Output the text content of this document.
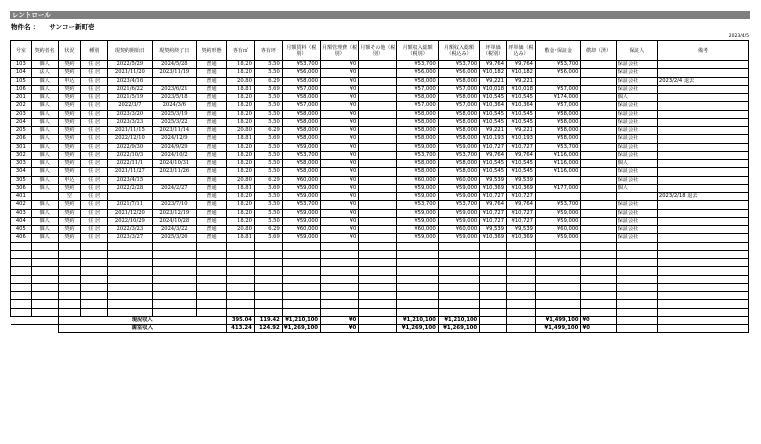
レントロール
物件名 ： サンコー新町壱
2023/4/5
号室	契約者名	状況	種別	現契約開始日	現契約終了日	契約形態	専有㎡	専有坪	月額賃料（税別）	月額管理費（税別）	月額その他（税別）	月額収入総額（税別）	月額収入総額（税込み）	坪単価（税別）	坪単価（税込み）	敷金･保証金	償却（済）	保証人	備考
103	個人	契約	住 居	2022/5/29	2024/5/28	普通	18.20	5.50	¥53,700	¥0		¥53,700	¥53,700	¥9,764	¥9,764	¥53,700		保証会社	
104	法人	契約	住 居	2021/11/20	2023/11/19	普通	18.20	5.50	¥56,000	¥0		¥56,000	¥56,000	¥10,182	¥10,182	¥56,000		保証会社	
105	個人	申込	住 居	2023/4/16		普通	20.80	6.29	¥58,000	¥0		¥58,000	¥58,000	¥9,221	¥9,221			保証会社	2023/2/4 退去
106	個人	契約	住 居	2021/6/22	2023/6/21	普通	18.81	5.69	¥57,000	¥0		¥57,000	¥57,000	¥10,018	¥10,018	¥57,000		保証会社	
201	個人	契約	住 居	2021/5/19	2023/5/18	普通	18.20	5.50	¥58,000	¥0		¥58,000	¥58,000	¥10,545	¥10,545	¥174,000		個人	
202	個人	契約	住 居	2022/3/7	2024/3/6	普通	18.20	5.50	¥57,000	¥0		¥57,000	¥57,000	¥10,364	¥10,364	¥57,000		保証会社	
203	個人	契約	住 居	2023/3/20	2025/3/19	普通	18.20	5.50	¥58,000	¥0		¥58,000	¥58,000	¥10,545	¥10,545	¥58,000		保証会社	
204	個人	契約	住 居	2023/3/23	2025/3/22	普通	18.20	5.50	¥58,000	¥0		¥58,000	¥58,000	¥10,545	¥10,545	¥58,000		保証会社	
205	個人	契約	住 居	2021/11/15	2023/11/14	普通	20.80	6.29	¥58,000	¥0		¥58,000	¥58,000	¥9,221	¥9,221	¥58,000		保証会社	
206	個人	契約	住 居	2022/12/10	2024/12/9	普通	18.81	5.69	¥58,000	¥0		¥58,000	¥58,000	¥10,193	¥10,193	¥58,000		保証会社	
301	個人	契約	住 居	2022/9/30	2024/9/29	普通	18.20	5.50	¥59,000	¥0		¥59,000	¥59,000	¥10,727	¥10,727	¥53,700		保証会社	
302	個人	契約	住 居	2022/10/3	2024/10/2	普通	18.20	5.50	¥53,700	¥0		¥53,700	¥53,700	¥9,764	¥9,764	¥116,000		保証会社	
303	個人	契約	住 居	2022/11/1	2024/10/31	普通	18.20	5.50	¥58,000	¥0		¥58,000	¥58,000	¥10,545	¥10,545	¥116,000		個人	
304	個人	契約	住 居	2021/11/27	2023/11/26	普通	18.20	5.50	¥58,000	¥0		¥58,000	¥58,000	¥10,545	¥10,545	¥116,000		保証会社	
305	個人	申込	住 居	2023/4/15		普通	20.80	6.29	¥60,000	¥0		¥60,000	¥60,000	¥9,539	¥9,539			保証会社	
306	個人	契約	住 居	2022/2/28	2024/2/27	普通	18.81	5.69	¥59,000	¥0		¥59,000	¥59,000	¥10,369	¥10,369	¥177,000		個人	
401		空	住 居			普通	18.20	5.50	¥59,000	¥0		¥59,000	¥59,000	¥10,727	¥10,727				2023/2/18 退去
402	個人	契約	住 居	2021/7/11	2023/7/10	普通	18.20	5.50	¥53,700	¥0		¥53,700	¥53,700	¥9,764	¥9,764	¥53,700		保証会社	
403	個人	契約	住 居	2021/12/20	2023/12/19	普通	18.20	5.50	¥59,000	¥0		¥59,000	¥59,000	¥10,727	¥10,727	¥59,000		保証会社	
404	個人	契約	住 居	2022/10/29	2024/10/28	普通	18.20	5.50	¥59,000	¥0		¥59,000	¥59,000	¥10,727	¥10,727	¥59,000		保証会社	
405	個人	契約	住 居	2022/3/23	2024/3/22	普通	20.80	6.29	¥60,000	¥0		¥60,000	¥60,000	¥9,539	¥9,539	¥60,000		保証会社	
406	個人	契約	住 居	2023/3/27	2025/3/26	普通	18.81	5.69	¥59,000	¥0		¥59,000	¥59,000	¥10,369	¥10,369	¥59,000		保証会社	

		現況収入					395.04	119.42	¥1,210,100	¥0		¥1,210,100	¥1,210,100			¥1,499,100	¥0		
		満室収入					413.24	124.92	¥1,269,100	¥0		¥1,269,100	¥1,269,100			¥1,499,100	¥0		
